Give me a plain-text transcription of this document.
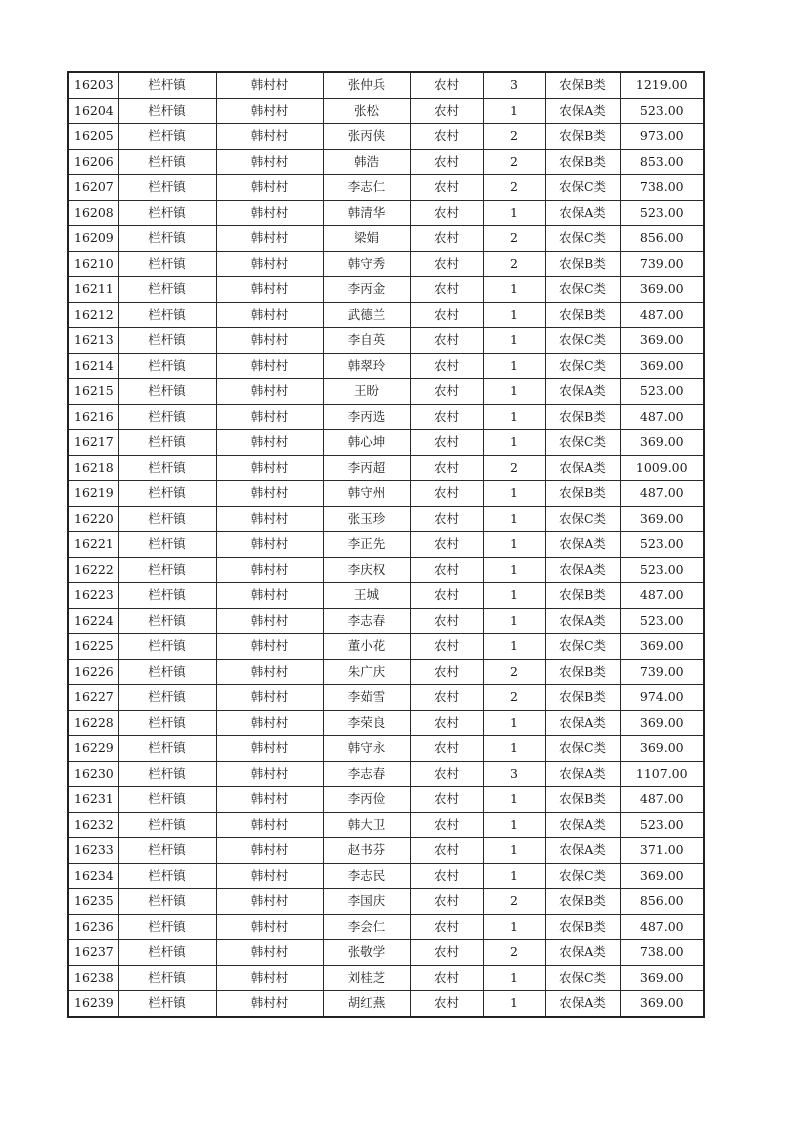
16203	栏杆镇	韩村村	张仲兵	农村	3	农保B类	1219.00
16204	栏杆镇	韩村村	张松	农村	1	农保A类	523.00
16205	栏杆镇	韩村村	张丙侠	农村	2	农保B类	973.00
16206	栏杆镇	韩村村	韩浩	农村	2	农保B类	853.00
16207	栏杆镇	韩村村	李志仁	农村	2	农保C类	738.00
16208	栏杆镇	韩村村	韩清华	农村	1	农保A类	523.00
16209	栏杆镇	韩村村	梁娟	农村	2	农保C类	856.00
16210	栏杆镇	韩村村	韩守秀	农村	2	农保B类	739.00
16211	栏杆镇	韩村村	李丙金	农村	1	农保C类	369.00
16212	栏杆镇	韩村村	武德兰	农村	1	农保B类	487.00
16213	栏杆镇	韩村村	李自英	农村	1	农保C类	369.00
16214	栏杆镇	韩村村	韩翠玲	农村	1	农保C类	369.00
16215	栏杆镇	韩村村	王盼	农村	1	农保A类	523.00
16216	栏杆镇	韩村村	李丙选	农村	1	农保B类	487.00
16217	栏杆镇	韩村村	韩心坤	农村	1	农保C类	369.00
16218	栏杆镇	韩村村	李丙超	农村	2	农保A类	1009.00
16219	栏杆镇	韩村村	韩守州	农村	1	农保B类	487.00
16220	栏杆镇	韩村村	张玉珍	农村	1	农保C类	369.00
16221	栏杆镇	韩村村	李正先	农村	1	农保A类	523.00
16222	栏杆镇	韩村村	李庆权	农村	1	农保A类	523.00
16223	栏杆镇	韩村村	王城	农村	1	农保B类	487.00
16224	栏杆镇	韩村村	李志春	农村	1	农保A类	523.00
16225	栏杆镇	韩村村	董小花	农村	1	农保C类	369.00
16226	栏杆镇	韩村村	朱广庆	农村	2	农保B类	739.00
16227	栏杆镇	韩村村	李茹雪	农村	2	农保B类	974.00
16228	栏杆镇	韩村村	李荣良	农村	1	农保A类	369.00
16229	栏杆镇	韩村村	韩守永	农村	1	农保C类	369.00
16230	栏杆镇	韩村村	李志春	农村	3	农保A类	1107.00
16231	栏杆镇	韩村村	李丙俭	农村	1	农保B类	487.00
16232	栏杆镇	韩村村	韩大卫	农村	1	农保A类	523.00
16233	栏杆镇	韩村村	赵书芬	农村	1	农保A类	371.00
16234	栏杆镇	韩村村	李志民	农村	1	农保C类	369.00
16235	栏杆镇	韩村村	李国庆	农村	2	农保B类	856.00
16236	栏杆镇	韩村村	李会仁	农村	1	农保B类	487.00
16237	栏杆镇	韩村村	张敬学	农村	2	农保A类	738.00
16238	栏杆镇	韩村村	刘桂芝	农村	1	农保C类	369.00
16239	栏杆镇	韩村村	胡红燕	农村	1	农保A类	369.00
